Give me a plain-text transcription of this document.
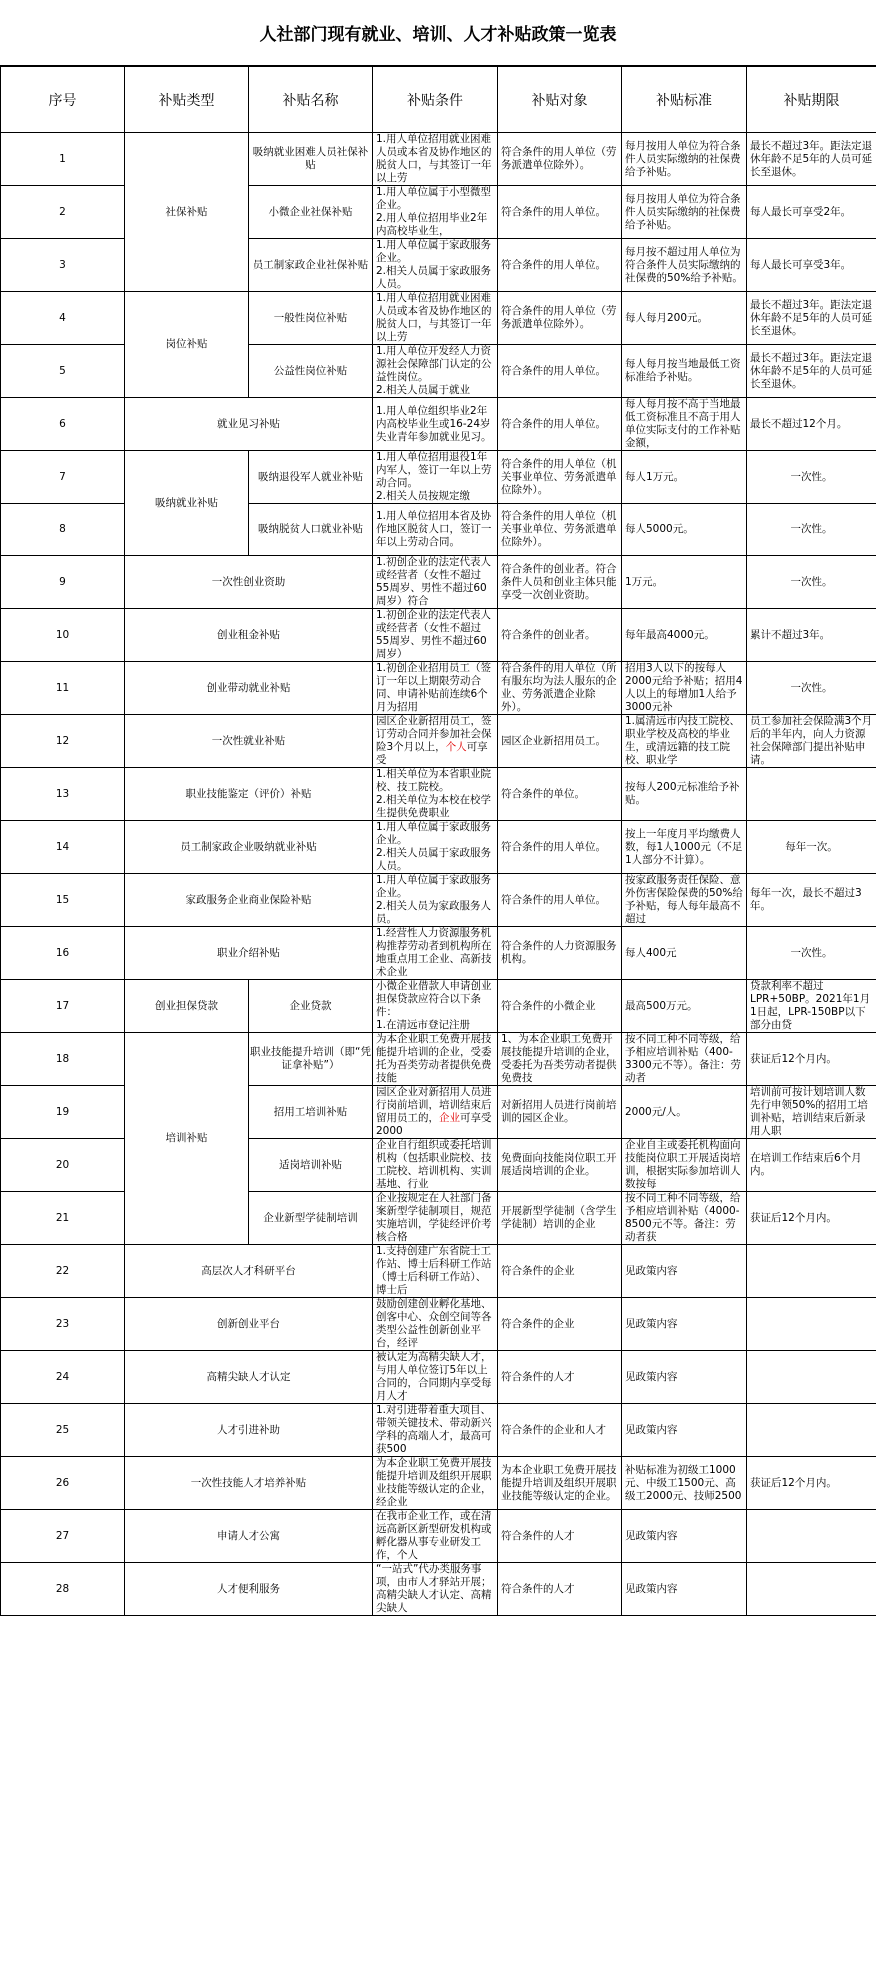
人社部门现有就业、培训、人才补贴政策一览表
序号	补贴类型	补贴名称	补贴条件	补贴对象	补贴标准	补贴期限

1	社保补贴	吸纳就业困难人员社保补贴	1.用人单位招用就业困难人员或本省及协作地区的脱贫人口，与其签订一年以上劳	符合条件的用人单位（劳务派遣单位除外）。	每月按用人单位为符合条件人员实际缴纳的社保费给予补贴。	最长不超过3年。距法定退休年龄不足5年的人员可延长至退休。

2		小微企业社保补贴	1.用人单位属于小型微型企业。
2.用人单位招用毕业2年内高校毕业生，	符合条件的用人单位。	每月按用人单位为符合条件人员实际缴纳的社保费给予补贴。	每人最长可享受2年。

3		员工制家政企业社保补贴	1.用人单位属于家政服务企业。
2.相关人员属于家政服务人员。	符合条件的用人单位。	每月按不超过用人单位为符合条件人员实际缴纳的社保费的50%给予补贴。	每人最长可享受3年。

4	岗位补贴	一般性岗位补贴	1.用人单位招用就业困难人员或本省及协作地区的脱贫人口，与其签订一年以上劳	符合条件的用人单位（劳务派遣单位除外）。	每人每月200元。	最长不超过3年。距法定退休年龄不足5年的人员可延长至退休。

5		公益性岗位补贴	1.用人单位开发经人力资源社会保障部门认定的公益性岗位。
2.相关人员属于就业	符合条件的用人单位。	每人每月按当地最低工资标准给予补贴。	最长不超过3年。距法定退休年龄不足5年的人员可延长至退休。

6	就业见习补贴		1.用人单位组织毕业2年内高校毕业生或16-24岁失业青年参加就业见习。	符合条件的用人单位。	每人每月按不高于当地最低工资标准且不高于用人单位实际支付的工作补贴金额，	最长不超过12个月。

7	吸纳就业补贴	吸纳退役军人就业补贴	1.用人单位招用退役1年内军人，签订一年以上劳动合同。
2.相关人员按规定缴	符合条件的用人单位（机关事业单位、劳务派遣单位除外）。	每人1万元。	一次性。

8		吸纳脱贫人口就业补贴	1.用人单位招用本省及协作地区脱贫人口，签订一年以上劳动合同。	符合条件的用人单位（机关事业单位、劳务派遣单位除外）。	每人5000元。	一次性。

9	一次性创业资助		1.初创企业的法定代表人或经营者（女性不超过55周岁、男性不超过60周岁）符合	符合条件的创业者。符合条件人员和创业主体只能享受一次创业资助。	1万元。	一次性。

10	创业租金补贴		1.初创企业的法定代表人或经营者（女性不超过55周岁、男性不超过60周岁）	符合条件的创业者。	每年最高4000元。	累计不超过3年。

11	创业带动就业补贴		1.初创企业招用员工（签订一年以上期限劳动合同、申请补贴前连续6个月为招用	符合条件的用人单位（所有服东均为法人服东的企业、劳务派遣企业除外）。	招用3人以下的按每人2000元给予补贴；招用4人以上的每增加1人给予3000元补	一次性。

12	一次性就业补贴		园区企业新招用员工，签订劳动合同并参加社会保险3个月以上，个人可享受	园区企业新招用员工。	1.属清远市内技工院校、职业学校及高校的毕业生，或清远籍的技工院校、职业学	员工参加社会保险满3个月后的半年内，向人力资源社会保障部门提出补贴申请。

13	职业技能鉴定（评价）补贴		1.相关单位为本省职业院校、技工院校。
2.相关单位为本校在校学生提供免费职业	符合条件的单位。	按每人200元标准给予补贴。	

14	员工制家政企业吸纳就业补贴		1.用人单位属于家政服务企业。
2.相关人员属于家政服务人员。	符合条件的用人单位。	按上一年度月平均缴费人数，每1人1000元（不足1人部分不计算）。	每年一次。

15	家政服务企业商业保险补贴		1.用人单位属于家政服务企业。
2.相关人员为家政服务人员。	符合条件的用人单位。	按家政服务责任保险、意外伤害保险保费的50%给予补贴，每人每年最高不超过	每年一次，最长不超过3年。

16	职业介绍补贴		1.经营性人力资源服务机构推荐劳动者到机构所在地重点用工企业、高新技术企业	符合条件的人力资源服务机构。	每人400元	一次性。

17	创业担保贷款	企业贷款	小微企业借款人申请创业担保贷款应符合以下条件：
1.在清远市登记注册	符合条件的小微企业	最高500万元。	贷款利率不超过LPR+50BP。2021年1月1日起，LPR-150BP以下部分由贷

18	培训补贴	职业技能提升培训（即“凭证拿补贴”）	为本企业职工免费开展技能提升培训的企业，受委托为吾类劳动者提供免费技能	1、为本企业职工免费开展技能提升培训的企业，受委托为吾类劳动者提供免费技	按不同工种不同等级，给予相应培训补贴（400-3300元不等）。备注：劳动者	获证后12个月内。

19		招用工培训补贴	园区企业对新招用人员进行岗前培训，培训结束后留用员工的，企业可享受2000	对新招用人员进行岗前培训的园区企业。	2000元/人。	培训前可按计划培训人数先行申领50%的招用工培训补贴，培训结束后新录用人职

20		适岗培训补贴	企业自行组织或委托培训机构（包括职业院校、技工院校、培训机构、实训基地、行业	免费面向技能岗位职工开展适岗培训的企业。	企业自主或委托机构面向技能岗位职工开展适岗培训，根据实际参加培训人数按每	在培训工作结束后6个月内。

21		企业新型学徒制培训	企业按规定在人社部门备案新型学徒制项目，规范实施培训，学徒经评价考核合格	开展新型学徒制（含学生学徒制）培训的企业	按不同工种不同等级，给予相应培训补贴（4000-8500元不等。备注：劳动者获	获证后12个月内。

22	高层次人才科研平台		1.支持创建广东省院士工作站、博士后科研工作站（博士后科研工作站）、博士后	符合条件的企业	见政策内容	

23	创新创业平台		鼓励创建创业孵化基地、创客中心、众创空间等各类型公益性创新创业平台，经评	符合条件的企业	见政策内容	

24	高精尖缺人才认定		被认定为高精尖缺人才，与用人单位签订5年以上合同的，合同期内享受每月人才	符合条件的人才	见政策内容	

25	人才引进补助		1.对引进带着重大项目、带领关键技术、带动新兴学科的高端人才，最高可获500	符合条件的企业和人才	见政策内容	

26	一次性技能人才培养补贴		为本企业职工免费开展技能提升培训及组织开展职业技能等级认定的企业，经企业	为本企业职工免费开展技能提升培训及组织开展职业技能等级认定的企业。	补贴标准为初级工1000元、中级工1500元、高级工2000元、技师2500	获证后12个月内。

27	申请人才公寓		在我市企业工作，或在清远高新区新型研发机构或孵化器从事专业研发工作，个人	符合条件的人才	见政策内容	

28	人才便利服务		“一站式”代办类服务事项，由市人才驿站开展；高精尖缺人才认定、高精尖缺人	符合条件的人才	见政策内容	
